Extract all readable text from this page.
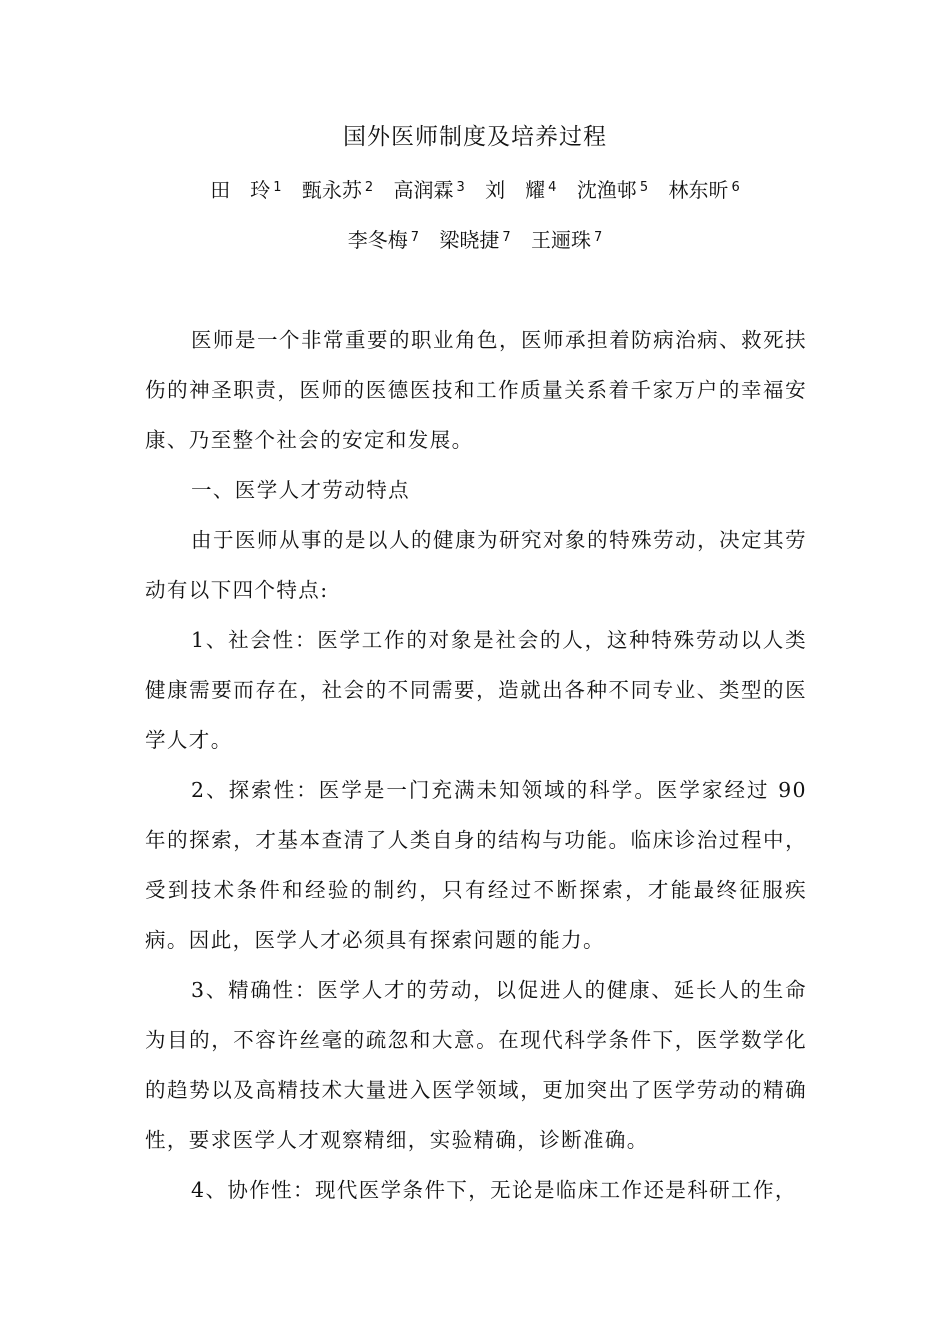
国外医师制度及培养过程
田　玲 $^1$ 甄永苏 $^2$ 高润霖 $^3$ 刘　耀 $^4$ 沈渔邨 $^5$ 林东昕 $^6$
李冬梅 $^7$ 梁晓捷 $^7$ 王逦珠 $^7$

医师是一个非常重要的职业角色，医师承担着防病治病、救死扶伤的神圣职责，医师的医德医技和工作质量关系着千家万户的幸福安康、乃至整个社会的安定和发展。

一、医学人才劳动特点

由于医师从事的是以人的健康为研究对象的特殊劳动，决定其劳动有以下四个特点:

1、社会性：医学工作的对象是社会的人，这种特殊劳动以人类健康需要而存在，社会的不同需要，造就出各种不同专业、类型的医学人才。

2、探索性：医学是一门充满未知领域的科学。医学家经过 90 年的探索，才基本查清了人类自身的结构与功能。临床诊治过程中，受到技术条件和经验的制约，只有经过不断探索，才能最终征服疾病。因此，医学人才必须具有探索问题的能力。

3、精确性：医学人才的劳动，以促进人的健康、延长人的生命为目的，不容许丝毫的疏忽和大意。在现代科学条件下，医学数学化的趋势以及高精技术大量进入医学领域，更加突出了医学劳动的精确性，要求医学人才观察精细，实验精确，诊断准确。

4、协作性：现代医学条件下，无论是临床工作还是科研工作，
